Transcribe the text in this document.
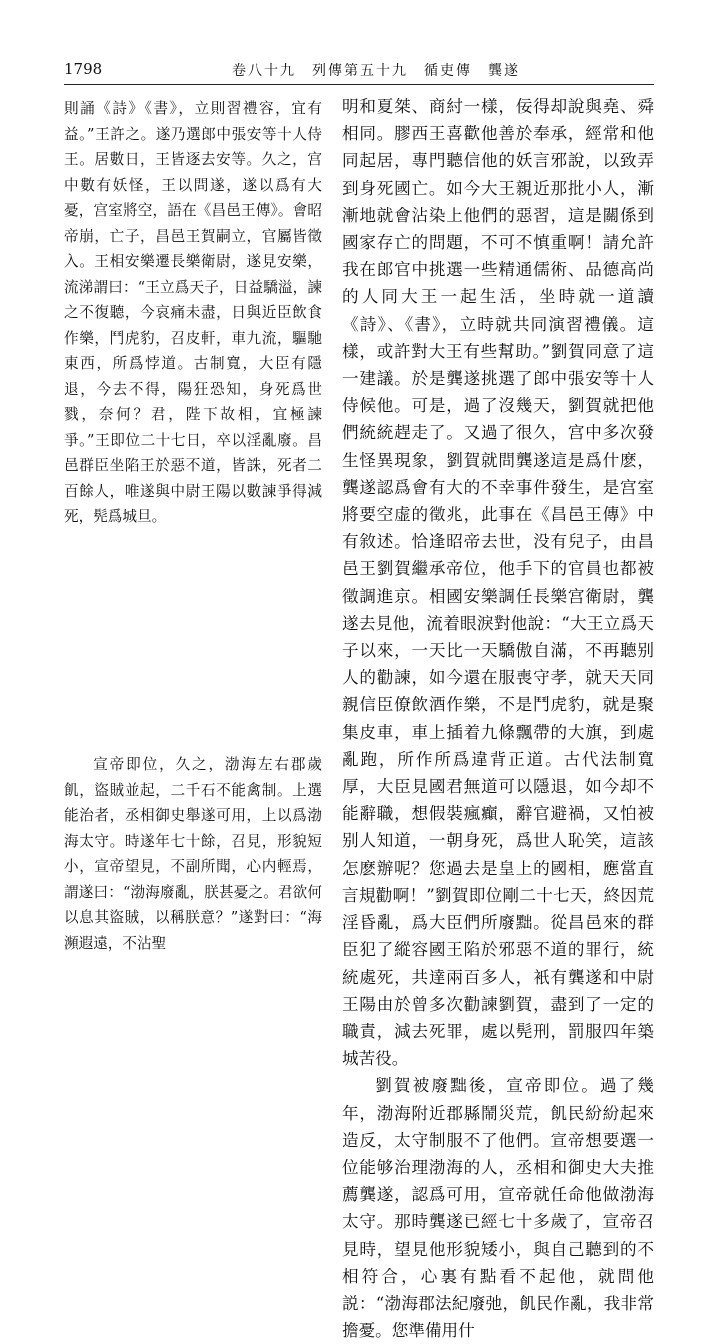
1798	卷八十九　列傳第五十九　循吏傳　龔遂

則誦《詩》《書》，立則習禮容，宜有益。”王許之。遂乃選郎中張安等十人侍王。居數日，王皆逐去安等。久之，宫中數有妖怪，王以問遂，遂以爲有大憂，宫室將空，語在《昌邑王傳》。會昭帝崩，亡子，昌邑王賀嗣立，官屬皆徵入。王相安樂遷長樂衛尉，遂見安樂，流涕謂曰：“王立爲天子，日益驕溢，諫之不復聽，今哀痛未盡，日與近臣飲食作樂，鬥虎豹，召皮軒，車九流，驅馳東西，所爲悖道。古制寬，大臣有隱退，今去不得，陽狂恐知，身死爲世戮，奈何？君，陛下故相，宜極諫爭。”王即位二十七日，卒以淫亂廢。昌邑群臣坐陷王於惡不道，皆誅，死者二百餘人，唯遂與中尉王陽以數諫爭得減死，髡爲城旦。

宣帝即位，久之，渤海左右郡歲飢，盜賊並起，二千石不能禽制。上選能治者，丞相御史舉遂可用，上以爲渤海太守。時遂年七十餘，召見，形貌短小，宣帝望見，不副所聞，心内輕焉，謂遂曰：“渤海廢亂，朕甚憂之。君欲何以息其盜賊，以稱朕意？”遂對曰：“海瀕遐遠，不沾聖

明和夏桀、商紂一樣，佞得却說與堯、舜相同。膠西王喜歡他善於奉承，經常和他同起居，專門聽信他的妖言邪說，以致弄到身死國亡。如今大王親近那批小人，漸漸地就會沾染上他們的惡習，這是關係到國家存亡的問題，不可不慎重啊！請允許我在郎官中挑選一些精通儒術、品德高尚的人同大王一起生活，坐時就一道讀《詩》、《書》，立時就共同演習禮儀。這樣，或許對大王有些幫助。”劉賀同意了這一建議。於是龔遂挑選了郎中張安等十人侍候他。可是，過了沒幾天，劉賀就把他們統統趕走了。又過了很久，宫中多次發生怪異現象，劉賀就問龔遂這是爲什麽，龔遂認爲會有大的不幸事件發生，是宫室將要空虚的徵兆，此事在《昌邑王傳》中有敘述。恰逢昭帝去世，没有兒子，由昌邑王劉賀繼承帝位，他手下的官員也都被徵調進京。相國安樂調任長樂宫衛尉，龔遂去見他，流着眼淚對他說：“大王立爲天子以來，一天比一天驕傲自滿，不再聽别人的勸諫，如今還在服喪守孝，就天天同親信臣僚飲酒作樂，不是鬥虎豹，就是聚集皮車，車上插着九條飄帶的大旗，到處亂跑，所作所爲違背正道。古代法制寬厚，大臣見國君無道可以隱退，如今却不能辭職，想假裝瘋癲，辭官避禍，又怕被别人知道，一朝身死，爲世人恥笑，這該怎麽辦呢？您過去是皇上的國相，應當直言規勸啊！”劉賀即位剛二十七天，終因荒淫昏亂，爲大臣們所廢黜。從昌邑來的群臣犯了縱容國王陷於邪惡不道的罪行，統統處死，共達兩百多人，衹有龔遂和中尉王陽由於曾多次勸諫劉賀，盡到了一定的職責，減去死罪，處以髡刑，罰服四年築城苦役。

劉賀被廢黜後，宣帝即位。過了幾年，渤海附近郡縣鬧災荒，飢民紛紛起來造反，太守制服不了他們。宣帝想要選一位能够治理渤海的人，丞相和御史大夫推薦龔遂，認爲可用，宣帝就任命他做渤海太守。那時龔遂已經七十多歲了，宣帝召見時，望見他形貌矮小，與自己聽到的不相符合，心裏有點看不起他，就問他説：“渤海郡法紀廢弛，飢民作亂，我非常擔憂。您準備用什
